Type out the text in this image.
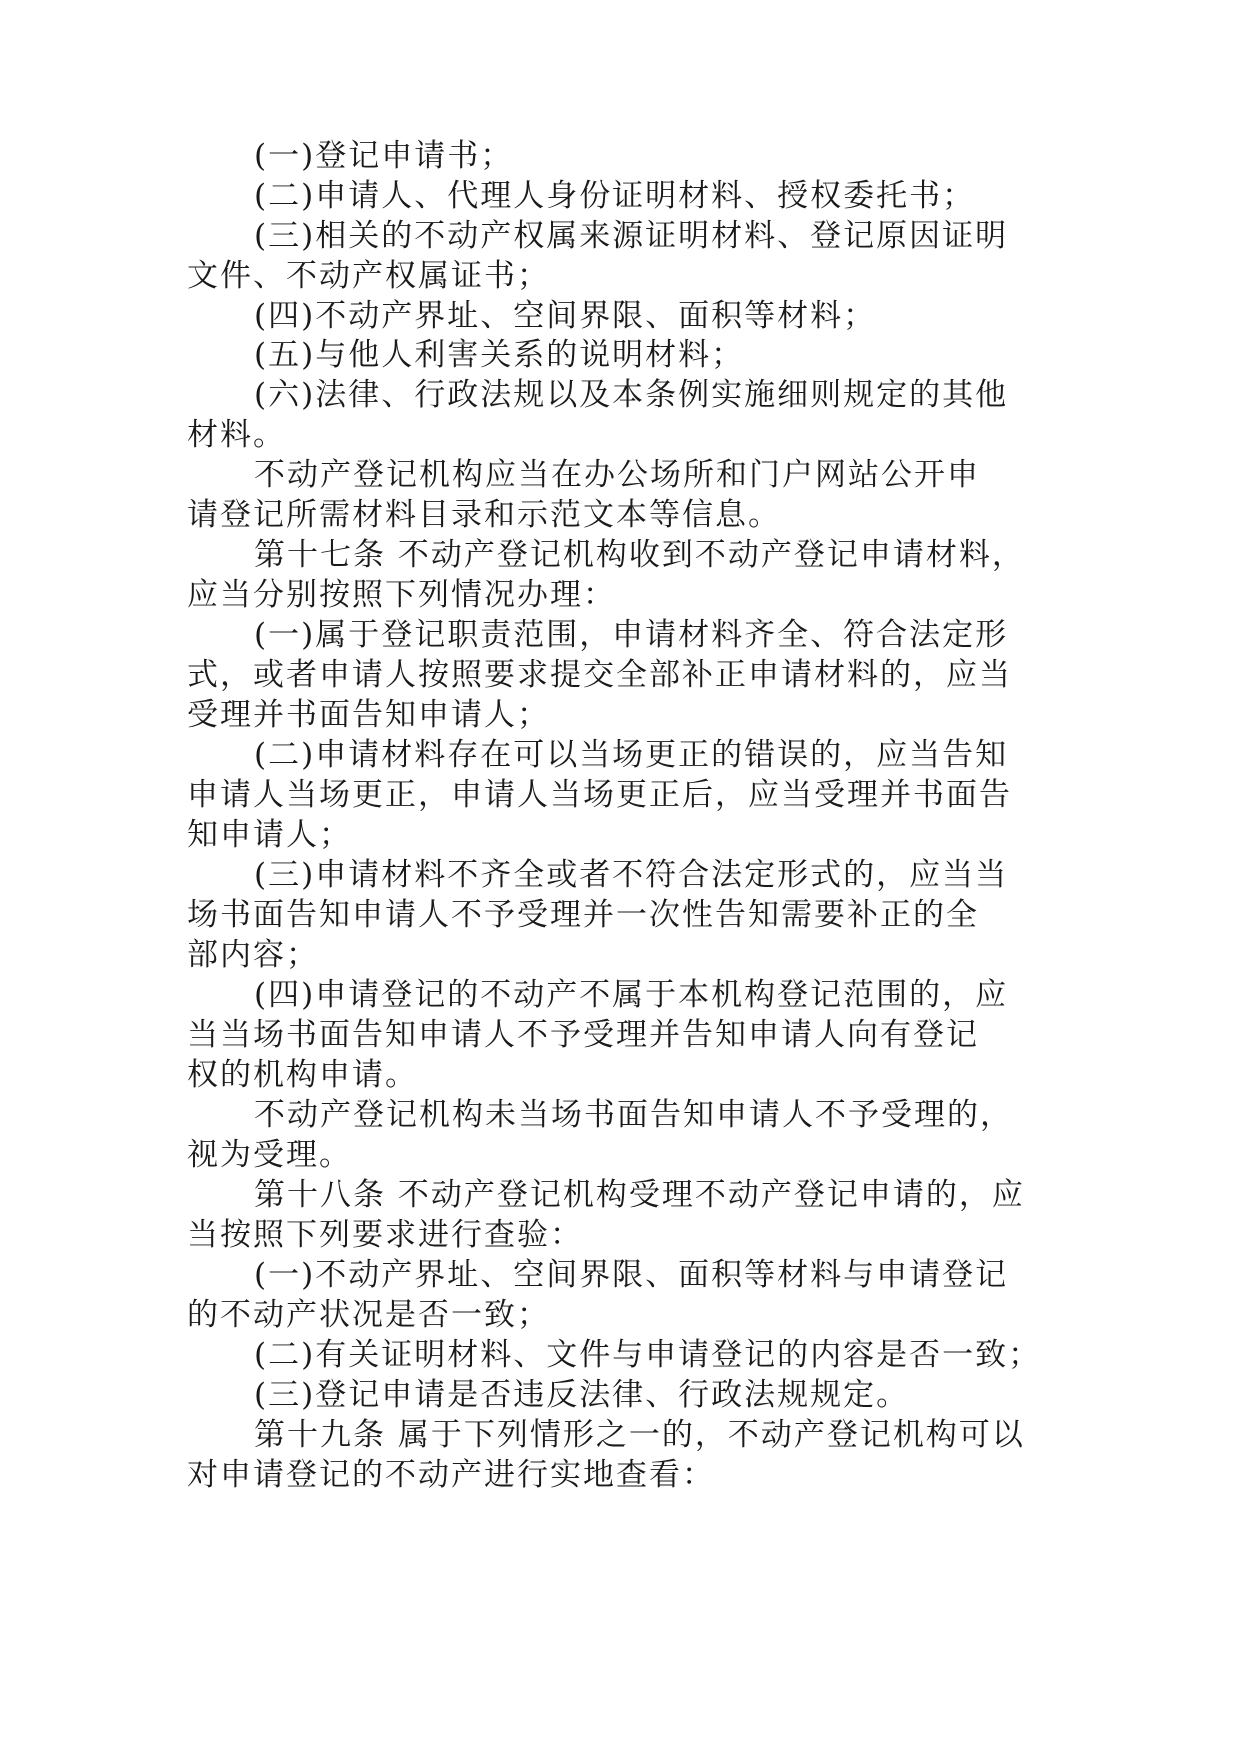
(一)登记申请书；
(二)申请人、代理人身份证明材料、授权委托书；
(三)相关的不动产权属来源证明材料、登记原因证明
文件、不动产权属证书；
(四)不动产界址、空间界限、面积等材料；
(五)与他人利害关系的说明材料；
(六)法律、行政法规以及本条例实施细则规定的其他
材料。
不动产登记机构应当在办公场所和门户网站公开申
请登记所需材料目录和示范文本等信息。
第十七条 不动产登记机构收到不动产登记申请材料，
应当分别按照下列情况办理：
(一)属于登记职责范围，申请材料齐全、符合法定形
式，或者申请人按照要求提交全部补正申请材料的，应当
受理并书面告知申请人；
(二)申请材料存在可以当场更正的错误的，应当告知
申请人当场更正，申请人当场更正后，应当受理并书面告
知申请人；
(三)申请材料不齐全或者不符合法定形式的，应当当
场书面告知申请人不予受理并一次性告知需要补正的全
部内容；
(四)申请登记的不动产不属于本机构登记范围的，应
当当场书面告知申请人不予受理并告知申请人向有登记
权的机构申请。
不动产登记机构未当场书面告知申请人不予受理的，
视为受理。
第十八条 不动产登记机构受理不动产登记申请的，应
当按照下列要求进行查验：
(一)不动产界址、空间界限、面积等材料与申请登记
的不动产状况是否一致；
(二)有关证明材料、文件与申请登记的内容是否一致；
(三)登记申请是否违反法律、行政法规规定。
第十九条 属于下列情形之一的，不动产登记机构可以
对申请登记的不动产进行实地查看：
